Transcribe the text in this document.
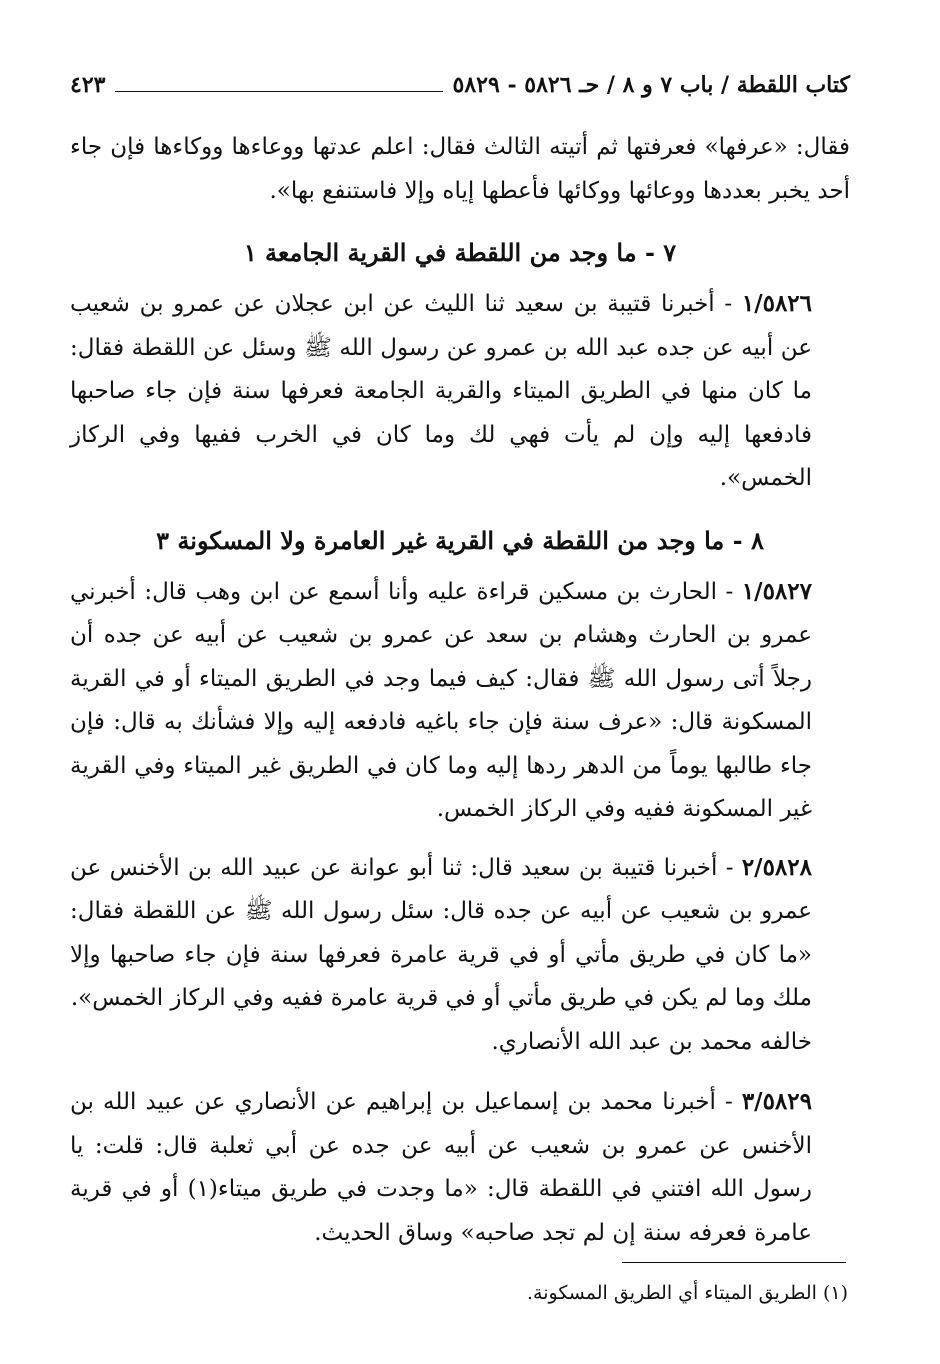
كتاب اللقطة / باب ٧ و ٨ / حـ ٥٨٢٦ - ٥٨٢٩
٤٢٣

فقال: «عرفها» فعرفتها ثم أتيته الثالث فقال: اعلم عدتها ووعاءها ووكاءها فإن جاء أحد يخبر بعددها ووعائها ووكائها فأعطها إياه وإلا فاستنفع بها».

٧ - ما وجد من اللقطة في القرية الجامعة ١

١/٥٨٢٦ - أخبرنا قتيبة بن سعيد ثنا الليث عن ابن عجلان عن عمرو بن شعيب عن أبيه عن جده عبد الله بن عمرو عن رسول الله ﷺ وسئل عن اللقطة فقال: ما كان منها في الطريق الميتاء والقرية الجامعة فعرفها سنة فإن جاء صاحبها فادفعها إليه وإن لم يأت فهي لك وما كان في الخرب ففيها وفي الركاز الخمس».

٨ - ما وجد من اللقطة في القرية غير العامرة ولا المسكونة ٣

١/٥٨٢٧ - الحارث بن مسكين قراءة عليه وأنا أسمع عن ابن وهب قال: أخبرني عمرو بن الحارث وهشام بن سعد عن عمرو بن شعيب عن أبيه عن جده أن رجلاً أتى رسول الله ﷺ فقال: كيف فيما وجد في الطريق الميتاء أو في القرية المسكونة قال: «عرف سنة فإن جاء باغيه فادفعه إليه وإلا فشأنك به قال: فإن جاء طالبها يوماً من الدهر ردها إليه وما كان في الطريق غير الميتاء وفي القرية غير المسكونة ففيه وفي الركاز الخمس.

٢/٥٨٢٨ - أخبرنا قتيبة بن سعيد قال: ثنا أبو عوانة عن عبيد الله بن الأخنس عن عمرو بن شعيب عن أبيه عن جده قال: سئل رسول الله ﷺ عن اللقطة فقال: «ما كان في طريق مأتي أو في قرية عامرة فعرفها سنة فإن جاء صاحبها وإلا ملك وما لم يكن في طريق مأتي أو في قرية عامرة ففيه وفي الركاز الخمس».

خالفه محمد بن عبد الله الأنصاري.

٣/٥٨٢٩ - أخبرنا محمد بن إسماعيل بن إبراهيم عن الأنصاري عن عبيد الله بن الأخنس عن عمرو بن شعيب عن أبيه عن جده عن أبي ثعلبة قال: قلت: يا رسول الله افتني في اللقطة قال: «ما وجدت في طريق ميتاء(١) أو في قرية عامرة فعرفه سنة إن لم تجد صاحبه» وساق الحديث.

(١) الطريق الميتاء أي الطريق المسكونة.
